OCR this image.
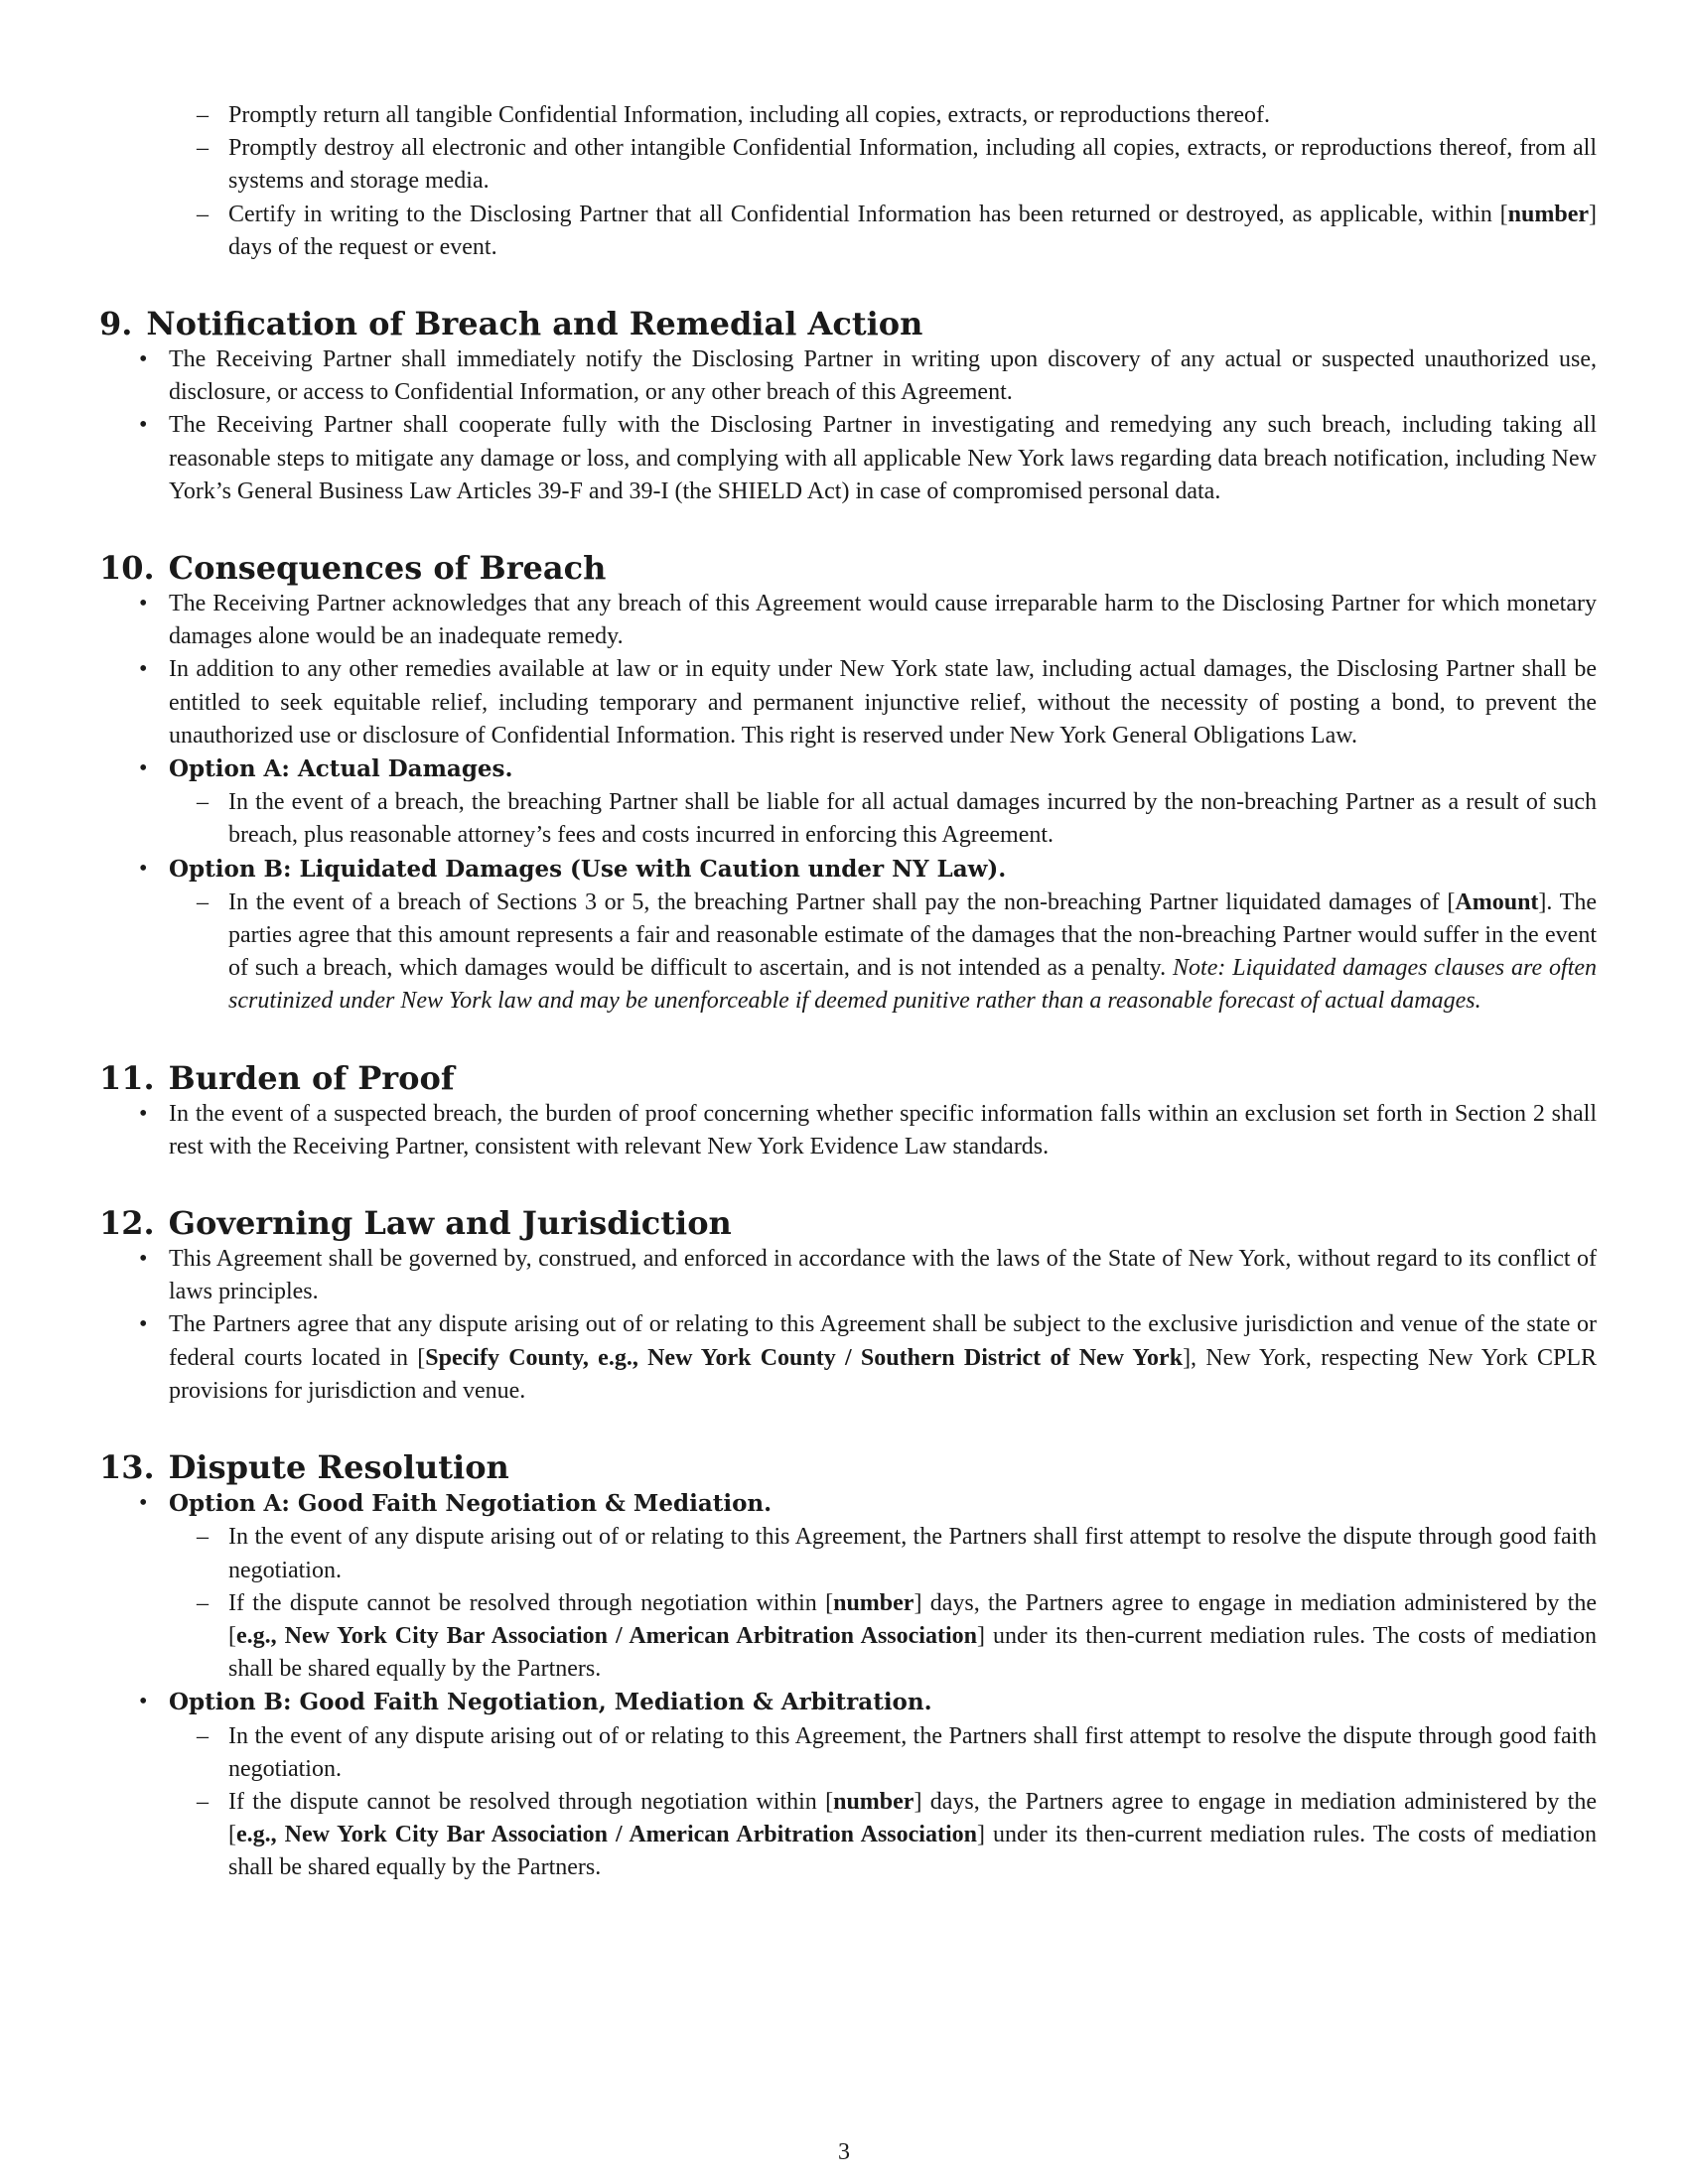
– Promptly return all tangible Confidential Information, including all copies, extracts, or reproductions thereof.
– Promptly destroy all electronic and other intangible Confidential Information, including all copies, extracts, or reproductions thereof, from all systems and storage media.
– Certify in writing to the Disclosing Partner that all Confidential Information has been returned or destroyed, as applicable, within [number] days of the request or event.
9. Notification of Breach and Remedial Action
• The Receiving Partner shall immediately notify the Disclosing Partner in writing upon discovery of any actual or suspected unauthorized use, disclosure, or access to Confidential Information, or any other breach of this Agreement.
• The Receiving Partner shall cooperate fully with the Disclosing Partner in investigating and remedying any such breach, including taking all reasonable steps to mitigate any damage or loss, and complying with all applicable New York laws regarding data breach notification, including New York’s General Business Law Articles 39-F and 39-I (the SHIELD Act) in case of compromised personal data.
10. Consequences of Breach
• The Receiving Partner acknowledges that any breach of this Agreement would cause irreparable harm to the Disclosing Partner for which monetary damages alone would be an inadequate remedy.
• In addition to any other remedies available at law or in equity under New York state law, including actual damages, the Disclosing Partner shall be entitled to seek equitable relief, including temporary and permanent injunctive relief, without the necessity of posting a bond, to prevent the unauthorized use or disclosure of Confidential Information. This right is reserved under New York General Obligations Law.
• Option A: Actual Damages.
– In the event of a breach, the breaching Partner shall be liable for all actual damages incurred by the non-breaching Partner as a result of such breach, plus reasonable attorney’s fees and costs incurred in enforcing this Agreement.
• Option B: Liquidated Damages (Use with Caution under NY Law).
– In the event of a breach of Sections 3 or 5, the breaching Partner shall pay the non-breaching Partner liquidated damages of [Amount]. The parties agree that this amount represents a fair and reasonable estimate of the damages that the non-breaching Partner would suffer in the event of such a breach, which damages would be difficult to ascertain, and is not intended as a penalty. Note: Liquidated damages clauses are often scrutinized under New York law and may be unenforceable if deemed punitive rather than a reasonable forecast of actual damages.
11. Burden of Proof
• In the event of a suspected breach, the burden of proof concerning whether specific information falls within an exclusion set forth in Section 2 shall rest with the Receiving Partner, consistent with relevant New York Evidence Law standards.
12. Governing Law and Jurisdiction
• This Agreement shall be governed by, construed, and enforced in accordance with the laws of the State of New York, without regard to its conflict of laws principles.
• The Partners agree that any dispute arising out of or relating to this Agreement shall be subject to the exclusive jurisdiction and venue of the state or federal courts located in [Specify County, e.g., New York County / Southern District of New York], New York, respecting New York CPLR provisions for jurisdiction and venue.
13. Dispute Resolution
• Option A: Good Faith Negotiation & Mediation.
– In the event of any dispute arising out of or relating to this Agreement, the Partners shall first attempt to resolve the dispute through good faith negotiation.
– If the dispute cannot be resolved through negotiation within [number] days, the Partners agree to engage in mediation administered by the [e.g., New York City Bar Association / American Arbitration Association] under its then-current mediation rules. The costs of mediation shall be shared equally by the Partners.
• Option B: Good Faith Negotiation, Mediation & Arbitration.
– In the event of any dispute arising out of or relating to this Agreement, the Partners shall first attempt to resolve the dispute through good faith negotiation.
– If the dispute cannot be resolved through negotiation within [number] days, the Partners agree to engage in mediation administered by the [e.g., New York City Bar Association / American Arbitration Association] under its then-current mediation rules. The costs of mediation shall be shared equally by the Partners.
3
